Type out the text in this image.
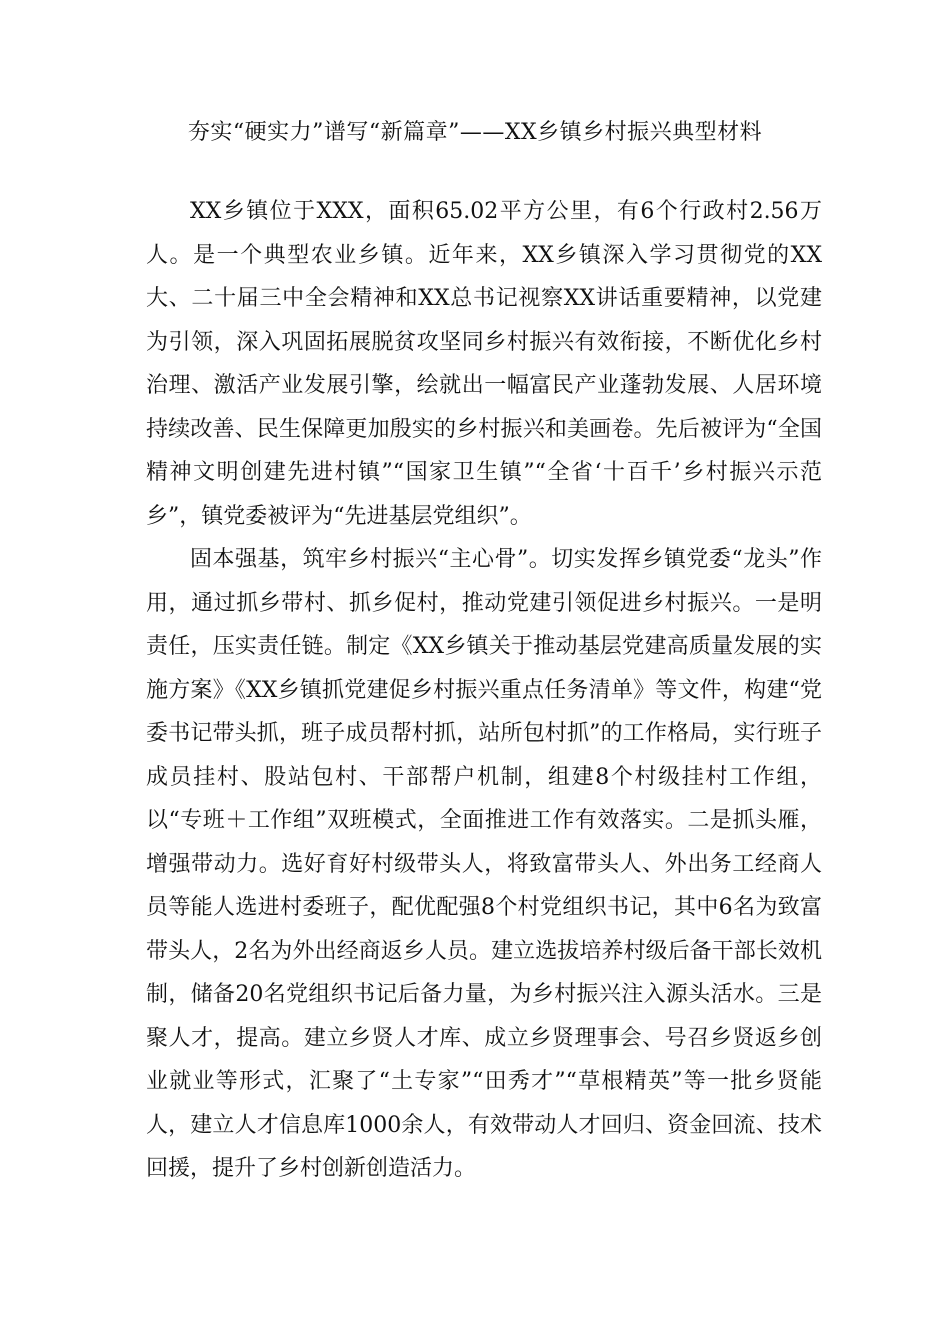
夯实“硬实力”谱写“新篇章”——XX乡镇乡村振兴典型材料

XX乡镇位于XXX，面积65.02平方公里，有6个行政村2.56万人。是一个典型农业乡镇。近年来，XX乡镇深入学习贯彻党的XX大、二十届三中全会精神和XX总书记视察XX讲话重要精神，以党建为引领，深入巩固拓展脱贫攻坚同乡村振兴有效衔接，不断优化乡村治理、激活产业发展引擎，绘就出一幅富民产业蓬勃发展、人居环境持续改善、民生保障更加殷实的乡村振兴和美画卷。先后被评为“全国精神文明创建先进村镇”“国家卫生镇”“全省‘十百千’乡村振兴示范乡”，镇党委被评为“先进基层党组织”。

固本强基，筑牢乡村振兴“主心骨”。切实发挥乡镇党委“龙头”作用，通过抓乡带村、抓乡促村，推动党建引领促进乡村振兴。一是明责任，压实责任链。制定《XX乡镇关于推动基层党建高质量发展的实施方案》《XX乡镇抓党建促乡村振兴重点任务清单》等文件，构建“党委书记带头抓，班子成员帮村抓，站所包村抓”的工作格局，实行班子成员挂村、股站包村、干部帮户机制，组建8个村级挂村工作组，以“专班＋工作组”双班模式，全面推进工作有效落实。二是抓头雁，增强带动力。选好育好村级带头人，将致富带头人、外出务工经商人员等能人选进村委班子，配优配强8个村党组织书记，其中6名为致富带头人，2名为外出经商返乡人员。建立选拔培养村级后备干部长效机制，储备20名党组织书记后备力量，为乡村振兴注入源头活水。三是聚人才，提高。建立乡贤人才库、成立乡贤理事会、号召乡贤返乡创业就业等形式，汇聚了“土专家”“田秀才”“草根精英”等一批乡贤能人，建立人才信息库1000余人，有效带动人才回归、资金回流、技术回援，提升了乡村创新创造活力。
